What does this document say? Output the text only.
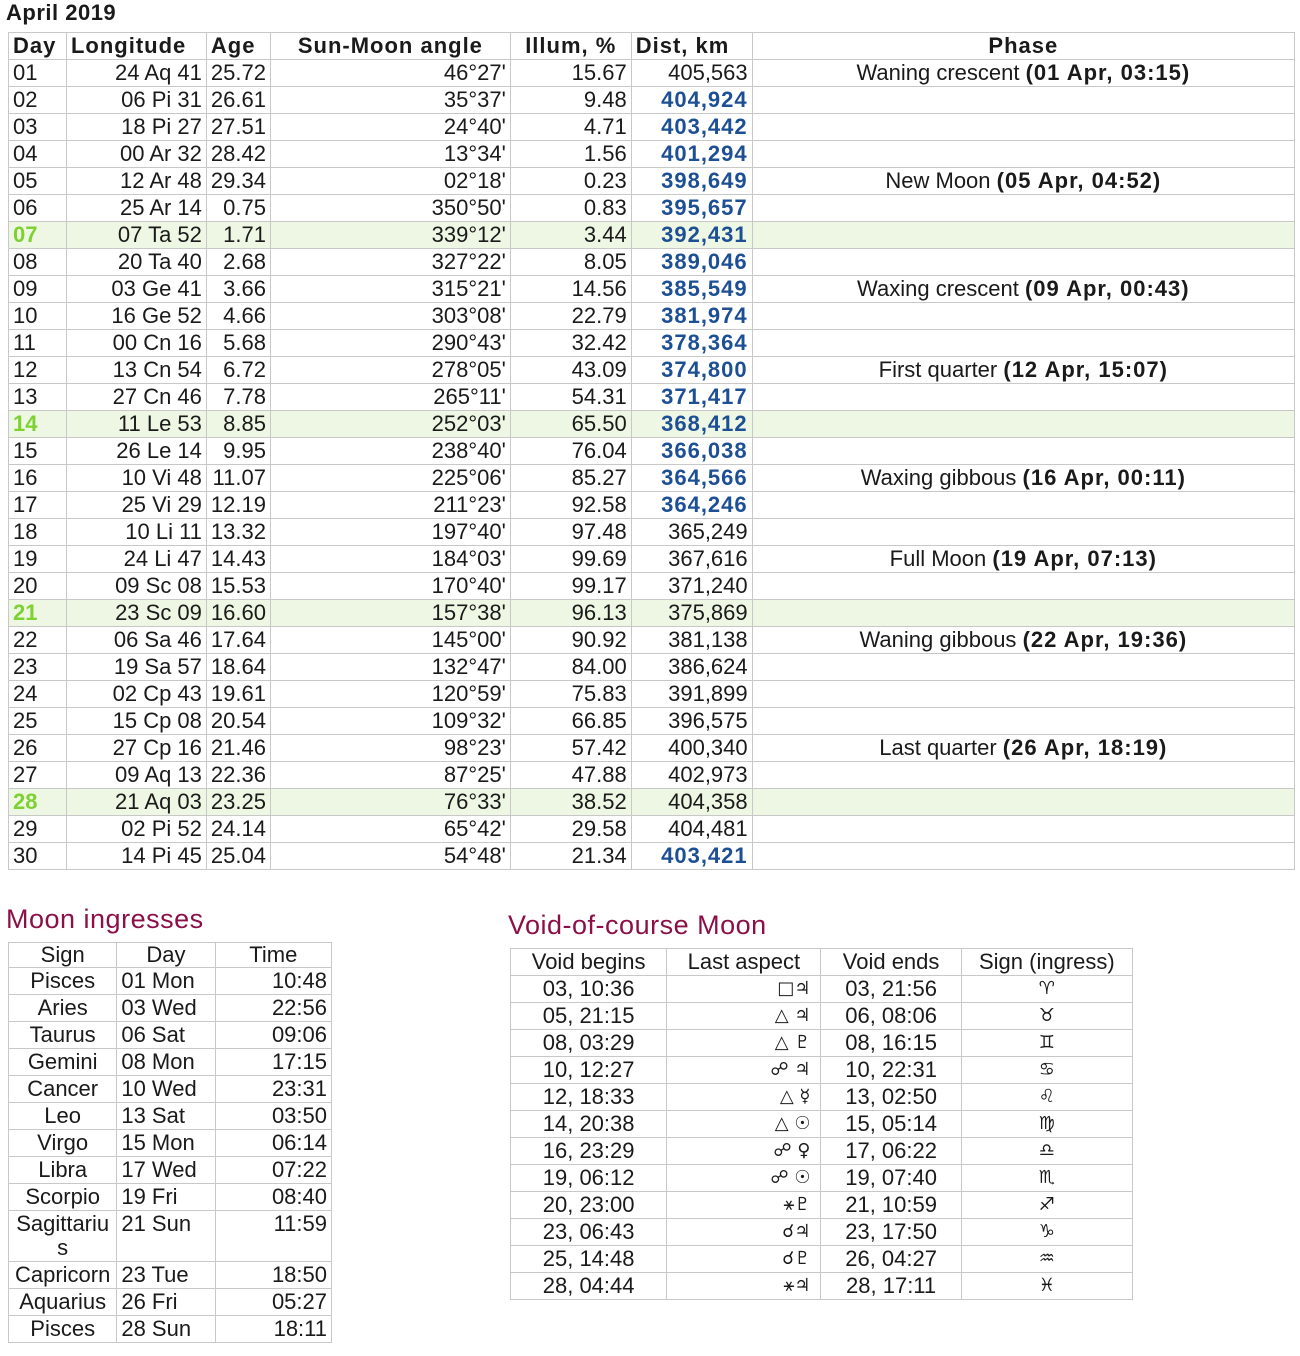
April 2019
Day	Longitude	Age	Sun-Moon angle	Illum, %	Dist, km	Phase
01	24 Aq 41	25.72	46°27'	15.67	405,563	Waning crescent (01 Apr, 03:15)
02	06 Pi 31	26.61	35°37'	9.48	404,924	
03	18 Pi 27	27.51	24°40'	4.71	403,442	
04	00 Ar 32	28.42	13°34'	1.56	401,294	
05	12 Ar 48	29.34	02°18'	0.23	398,649	New Moon (05 Apr, 04:52)
06	25 Ar 14	0.75	350°50'	0.83	395,657	
07	07 Ta 52	1.71	339°12'	3.44	392,431	
08	20 Ta 40	2.68	327°22'	8.05	389,046	
09	03 Ge 41	3.66	315°21'	14.56	385,549	Waxing crescent (09 Apr, 00:43)
10	16 Ge 52	4.66	303°08'	22.79	381,974	
11	00 Cn 16	5.68	290°43'	32.42	378,364	
12	13 Cn 54	6.72	278°05'	43.09	374,800	First quarter (12 Apr, 15:07)
13	27 Cn 46	7.78	265°11'	54.31	371,417	
14	11 Le 53	8.85	252°03'	65.50	368,412	
15	26 Le 14	9.95	238°40'	76.04	366,038	
16	10 Vi 48	11.07	225°06'	85.27	364,566	Waxing gibbous (16 Apr, 00:11)
17	25 Vi 29	12.19	211°23'	92.58	364,246	
18	10 Li 11	13.32	197°40'	97.48	365,249	
19	24 Li 47	14.43	184°03'	99.69	367,616	Full Moon (19 Apr, 07:13)
20	09 Sc 08	15.53	170°40'	99.17	371,240	
21	23 Sc 09	16.60	157°38'	96.13	375,869	
22	06 Sa 46	17.64	145°00'	90.92	381,138	Waning gibbous (22 Apr, 19:36)
23	19 Sa 57	18.64	132°47'	84.00	386,624	
24	02 Cp 43	19.61	120°59'	75.83	391,899	
25	15 Cp 08	20.54	109°32'	66.85	396,575	
26	27 Cp 16	21.46	98°23'	57.42	400,340	Last quarter (26 Apr, 18:19)
27	09 Aq 13	22.36	87°25'	47.88	402,973	
28	21 Aq 03	23.25	76°33'	38.52	404,358	
29	02 Pi 52	24.14	65°42'	29.58	404,481	
30	14 Pi 45	25.04	54°48'	21.34	403,421	
Moon ingresses
Sign	Day	Time
Pisces	01 Mon	10:48
Aries	03 Wed	22:56
Taurus	06 Sat	09:06
Gemini	08 Mon	17:15
Cancer	10 Wed	23:31
Leo	13 Sat	03:50
Virgo	15 Mon	06:14
Libra	17 Wed	07:22
Scorpio	19 Fri	08:40
Sagittarius	21 Sun	11:59
Capricorn	23 Tue	18:50
Aquarius	26 Fri	05:27
Pisces	28 Sun	18:11
Void-of-course Moon
Void begins	Last aspect	Void ends	Sign (ingress)
03, 10:36	□♃	03, 21:56	♈
05, 21:15	△ ♃	06, 08:06	♉
08, 03:29	△ ♇	08, 16:15	♊
10, 12:27	☍ ♃	10, 22:31	♋
12, 18:33	△ ☿	13, 02:50	♌
14, 20:38	△ ☉	15, 05:14	♍
16, 23:29	☍ ♀	17, 06:22	♎
19, 06:12	☍ ☉	19, 07:40	♏
20, 23:00	⚹♇	21, 10:59	♐
23, 06:43	☌♃	23, 17:50	♑
25, 14:48	☌♇	26, 04:27	♒
28, 04:44	⚹♃	28, 17:11	♓
